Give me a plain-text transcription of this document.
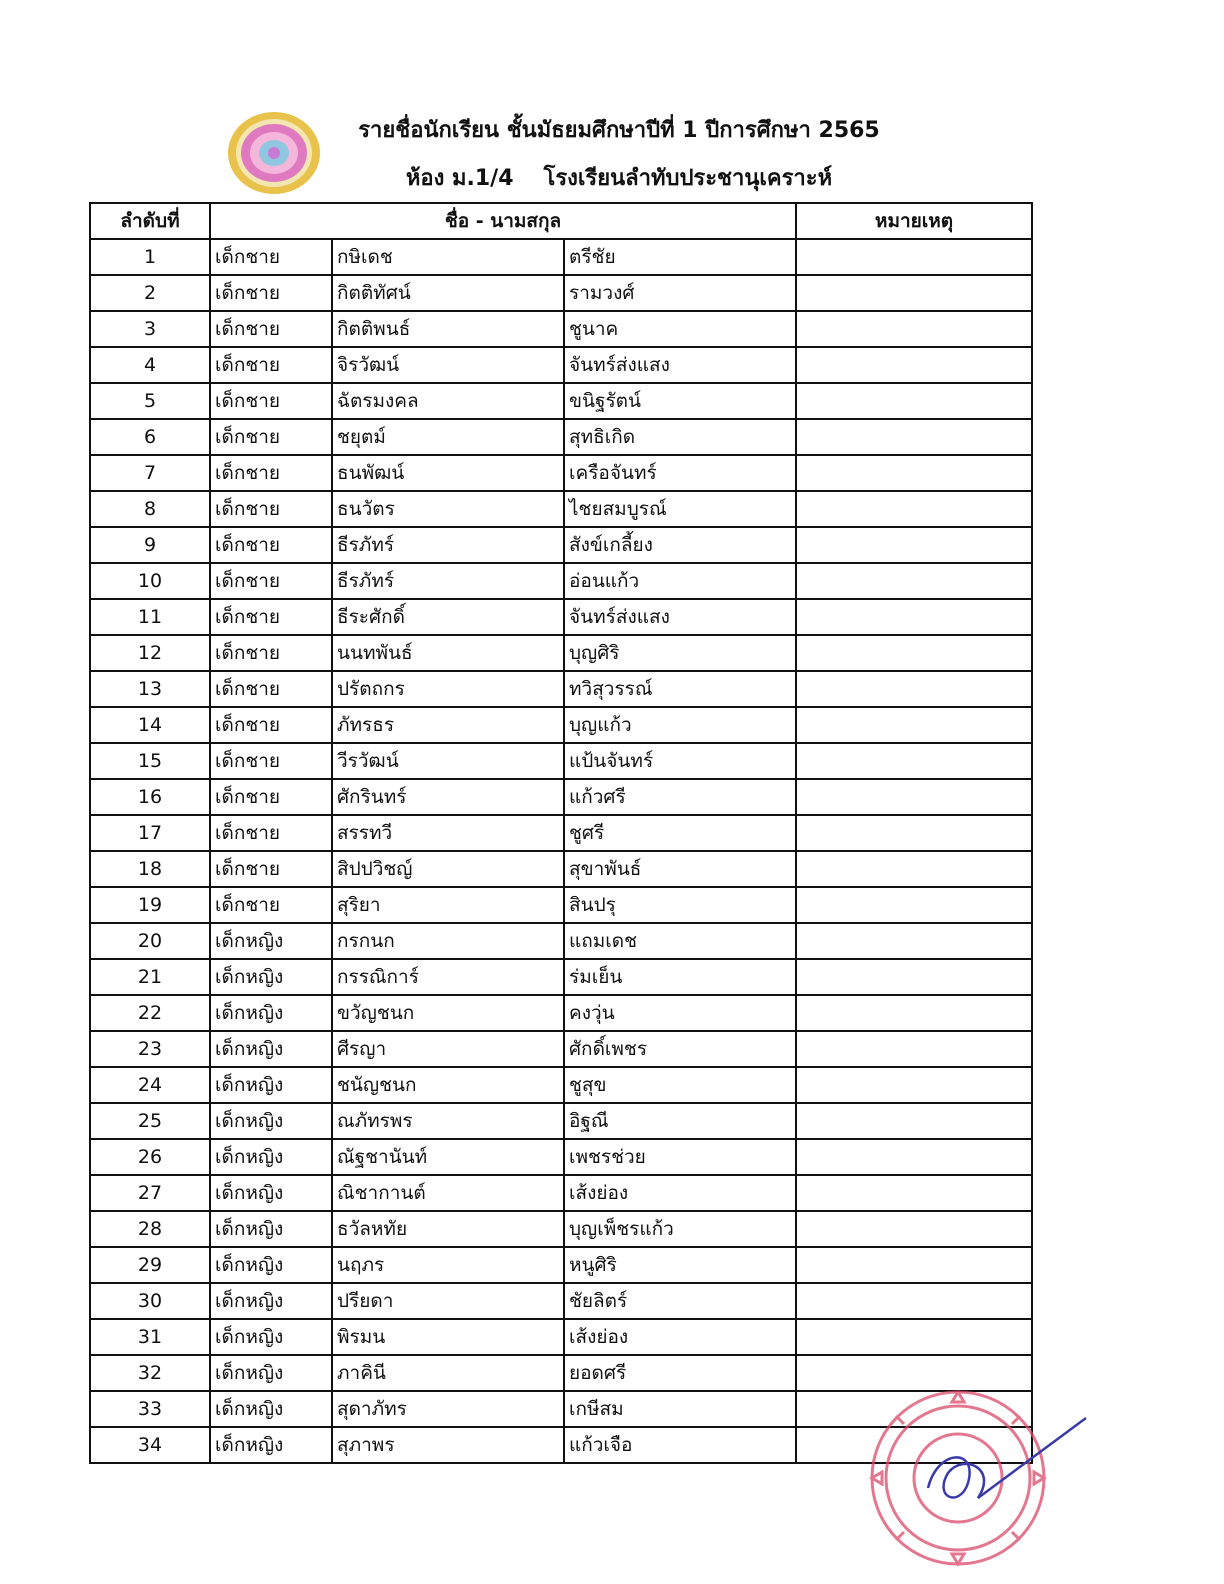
รายชื่อนักเรียน ชั้นมัธยมศึกษาปีที่ 1 ปีการศึกษา 2565
ห้อง ม.1/4 โรงเรียนลำทับประชานุเคราะห์
ลำดับที่	ชื่อ - นามสกุล			หมายเหตุ
1	เด็กชาย	กษิเดช	ตรีชัย	
2	เด็กชาย	กิตติทัศน์	รามวงศ์	
3	เด็กชาย	กิตติพนธ์	ชูนาค	
4	เด็กชาย	จิรวัฒน์	จันทร์ส่งแสง	
5	เด็กชาย	ฉัตรมงคล	ขนิฐรัตน์	
6	เด็กชาย	ชยุตม์	สุทธิเกิด	
7	เด็กชาย	ธนพัฒน์	เครือจันทร์	
8	เด็กชาย	ธนวัตร	ไชยสมบูรณ์	
9	เด็กชาย	ธีรภัทร์	สังข์เกลี้ยง	
10	เด็กชาย	ธีรภัทร์	อ่อนแก้ว	
11	เด็กชาย	ธีระศักดิ์	จันทร์ส่งแสง	
12	เด็กชาย	นนทพันธ์	บุญศิริ	
13	เด็กชาย	ปรัตถกร	ทวิสุวรรณ์	
14	เด็กชาย	ภัทรธร	บุญแก้ว	
15	เด็กชาย	วีรวัฒน์	แป้นจันทร์	
16	เด็กชาย	ศักรินทร์	แก้วศรี	
17	เด็กชาย	สรรทวี	ชูศรี	
18	เด็กชาย	สิปปวิชญ์	สุขาพันธ์	
19	เด็กชาย	สุริยา	สินปรุ	
20	เด็กหญิง	กรกนก	แถมเดช	
21	เด็กหญิง	กรรณิการ์	ร่มเย็น	
22	เด็กหญิง	ขวัญชนก	คงวุ่น	
23	เด็กหญิง	ศีรญา	ศักดิ์เพชร	
24	เด็กหญิง	ชนัญชนก	ชูสุข	
25	เด็กหญิง	ณภัทรพร	อิฐณี	
26	เด็กหญิง	ณัฐชานันท์	เพชรช่วย	
27	เด็กหญิง	ณิชากานต์	เส้งย่อง	
28	เด็กหญิง	ธวัลหทัย	บุญเพ็ชรแก้ว	
29	เด็กหญิง	นฤภร	หนูศิริ	
30	เด็กหญิง	ปรียดา	ชัยลิตร์	
31	เด็กหญิง	พิรมน	เส้งย่อง	
32	เด็กหญิง	ภาคินี	ยอดศรี	
33	เด็กหญิง	สุดาภัทร	เกษีสม	
34	เด็กหญิง	สุภาพร	แก้วเจือ	
